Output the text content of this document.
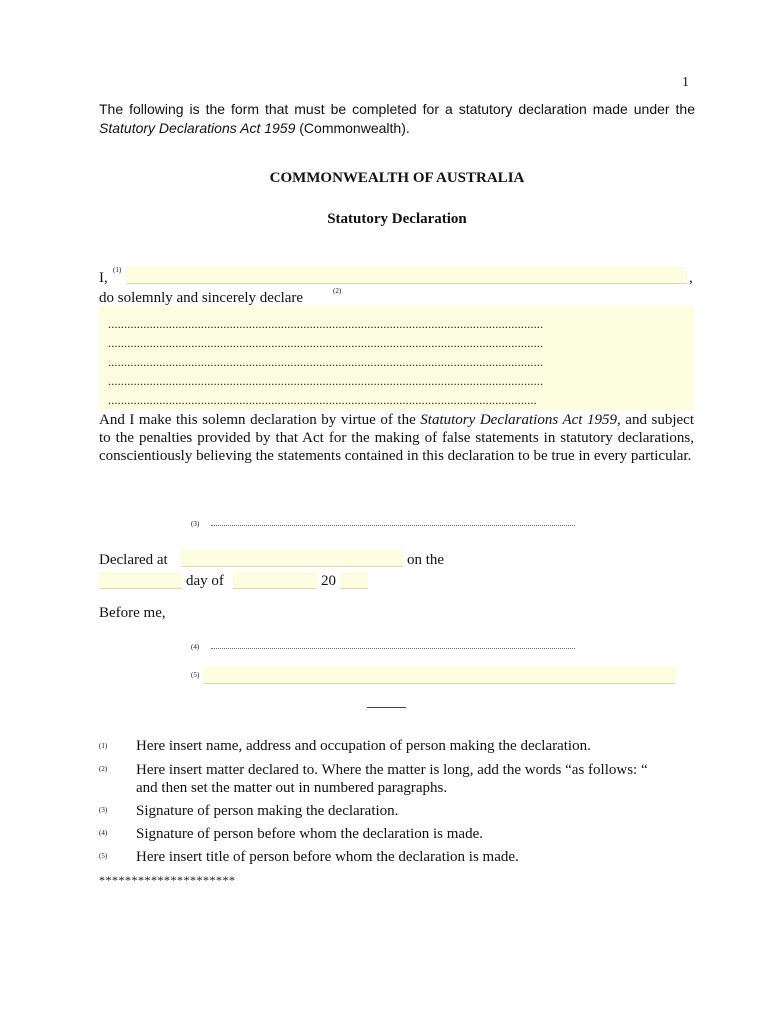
1
The following is the form that must be completed for a statutory declaration made under the Statutory Declarations Act 1959 (Commonwealth).
COMMONWEALTH OF AUSTRALIA
Statutory Declaration
I, (1)	,
do solemnly and sincerely declare	(2)
........................................................................................................................................
........................................................................................................................................
........................................................................................................................................
........................................................................................................................................
......................................................................................................................................
And I make this solemn declaration by virtue of the Statutory Declarations Act 1959, and subject to the penalties provided by that Act for the making of false statements in statutory declarations, conscientiously believing the statements contained in this declaration to be true in every particular.
(3)
Declared at	on the
day of	20
Before me,
(4)
(5)
(1) Here insert name, address and occupation of person making the declaration.
(2) Here insert matter declared to. Where the matter is long, add the words “as follows: “ and then set the matter out in numbered paragraphs.
(3) Signature of person making the declaration.
(4) Signature of person before whom the declaration is made.
(5) Here insert title of person before whom the declaration is made.
*********************
